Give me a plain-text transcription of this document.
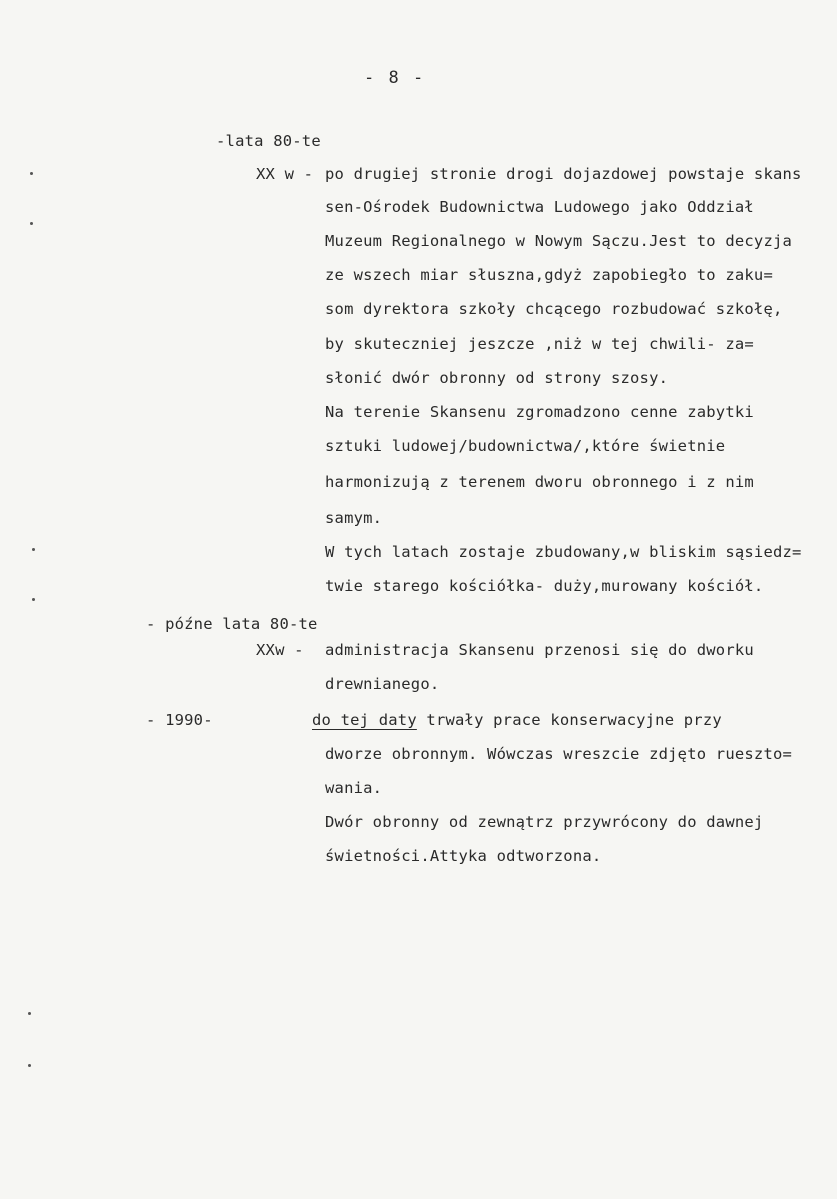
- 8 -
-lata 80-te
XX w - po drugiej stronie drogi dojazdowej powstaje skans
sen-Ośrodek Budownictwa Ludowego jako Oddział
Muzeum Regionalnego w Nowym Sączu.Jest to decyzja
ze wszech miar słuszna,gdyż zapobiegło to zaku=
som dyrektora szkoły chcącego rozbudować szkołę,
by skuteczniej jeszcze ,niż w tej chwili- za=
słonić dwór obronny od strony szosy.
Na terenie Skansenu zgromadzono cenne zabytki
sztuki ludowej/budownictwa/,które świetnie
harmonizują z terenem dworu obronnego i z nim
samym.
W tych latach zostaje zbudowany,w bliskim sąsiedz=
twie starego kościółka- duży,murowany kościół.
- późne lata 80-te
XXw - administracja Skansenu przenosi się do dworku
drewnianego.
- 1990-	do tej daty trwały prace konserwacyjne przy
dworze obronnym. Wówczas wreszcie zdjęto rueszto=
wania.
Dwór obronny od zewnątrz przywrócony do dawnej
świetności.Attyka odtworzona.
